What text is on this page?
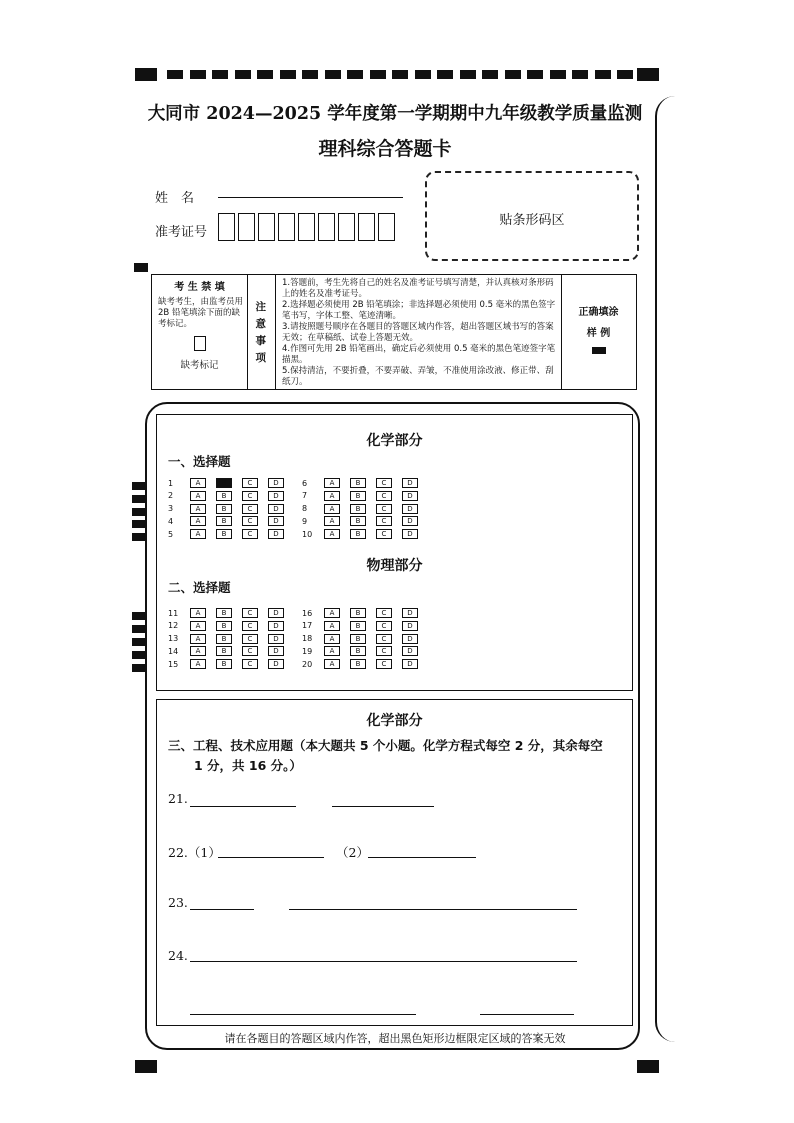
大同市 2024—2025 学年度第一学期期中九年级教学质量监测
理科综合答题卡
姓　名
准考证号
贴条形码区
考 生 禁 填
缺考考生，由监考员用 2B 铅笔填涂下面的缺考标记。
缺考标记
注意事项
1.答题前，考生先将自己的姓名及准考证号填写清楚，并认真核对条形码上的姓名及准考证号。
2.选择题必须使用 2B 铅笔填涂；非选择题必须使用 0.5 毫米的黑色签字笔书写，字体工整、笔迹清晰。
3.请按照题号顺序在各题目的答题区域内作答，超出答题区域书写的答案无效；在草稿纸、试卷上答题无效。
4.作图可先用 2B 铅笔画出，确定后必须使用 0.5 毫米的黑色笔迹签字笔描黑。
5.保持清洁，不要折叠，不要弄破、弄皱，不准使用涂改液、修正带、刮纸刀。
正确填涂
样 例
化学部分
一、选择题
物理部分
二、选择题
1	A	B	C	D
2	A	B	C	D
3	A	B	C	D
4	A	B	C	D
5	A	B	C	D
6	A	B	C	D
7	A	B	C	D
8	A	B	C	D
9	A	B	C	D
10	A	B	C	D
11	A	B	C	D
12	A	B	C	D
13	A	B	C	D
14	A	B	C	D
15	A	B	C	D
16	A	B	C	D
17	A	B	C	D
18	A	B	C	D
19	A	B	C	D
20	A	B	C	D
化学部分
三、工程、技术应用题（本大题共 5 个小题。化学方程式每空 2 分，其余每空
1 分，共 16 分。）
21.
22.（1）	（2）
23.
24.
请在各题目的答题区域内作答，超出黑色矩形边框限定区域的答案无效
